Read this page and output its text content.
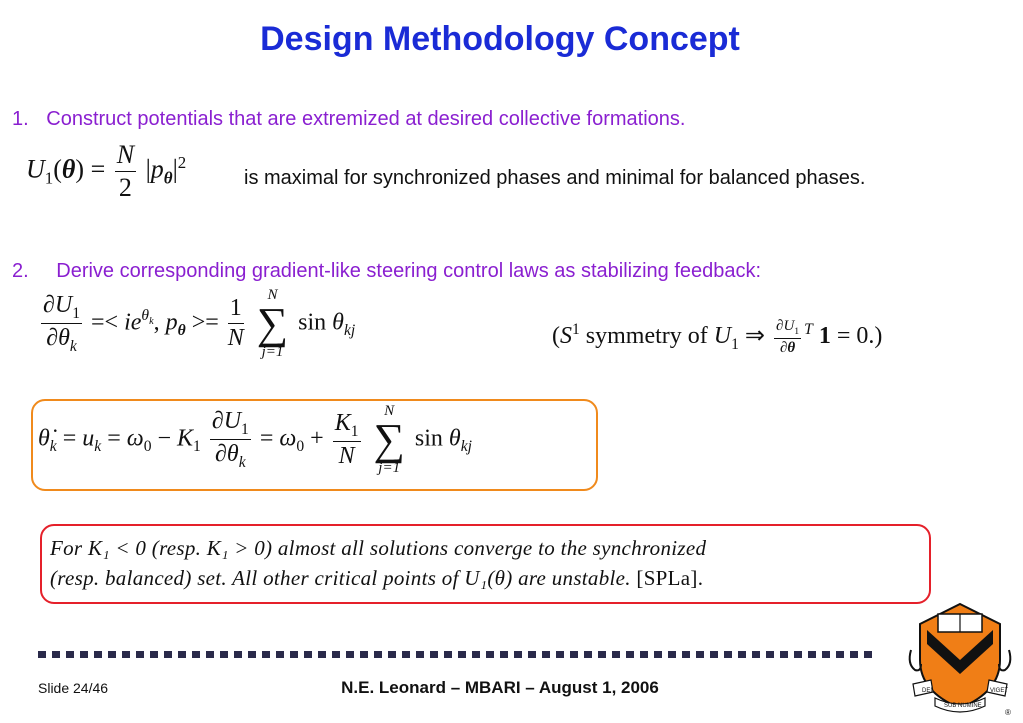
Design Methodology Concept
1. Construct potentials that are extremized at desired collective formations.
$U_1(\theta) = \frac{N}{2} |p_\theta|^2$
is maximal for synchronized phases and minimal for balanced phases.
2. Derive corresponding gradient-like steering control laws as stabilizing feedback:
$\frac{\partial U_1}{\partial\theta_k} =< ie^{\theta_k}$, $p_\theta >= \frac{1}{N}$

N
∑
j=1
$\sin \theta_{kj}$	($S^1$ symmetry of $U_1$ ⇒ $\frac{\partial U_1}{\partial\theta} ^T$ 1 = 0.)
$\thetȧ_k = u_k = \omega_0 - K_1 \frac{\partial U_1}{\partial\theta_k} = \omega_0 + \frac{K_1}{N}$
	N
∑
j=1
$\sin \theta_{kj}$
For K₁ < 0 (resp. K₁ > 0) almost all solutions converge to the synchronized
(resp. balanced) set. All other critical points of U₁(θ) are unstable. [SPLa].
Slide 24/46	N.E. Leonard – MBARI – August 1, 2006	DEI	VIGET
SUB NUMINE
®
